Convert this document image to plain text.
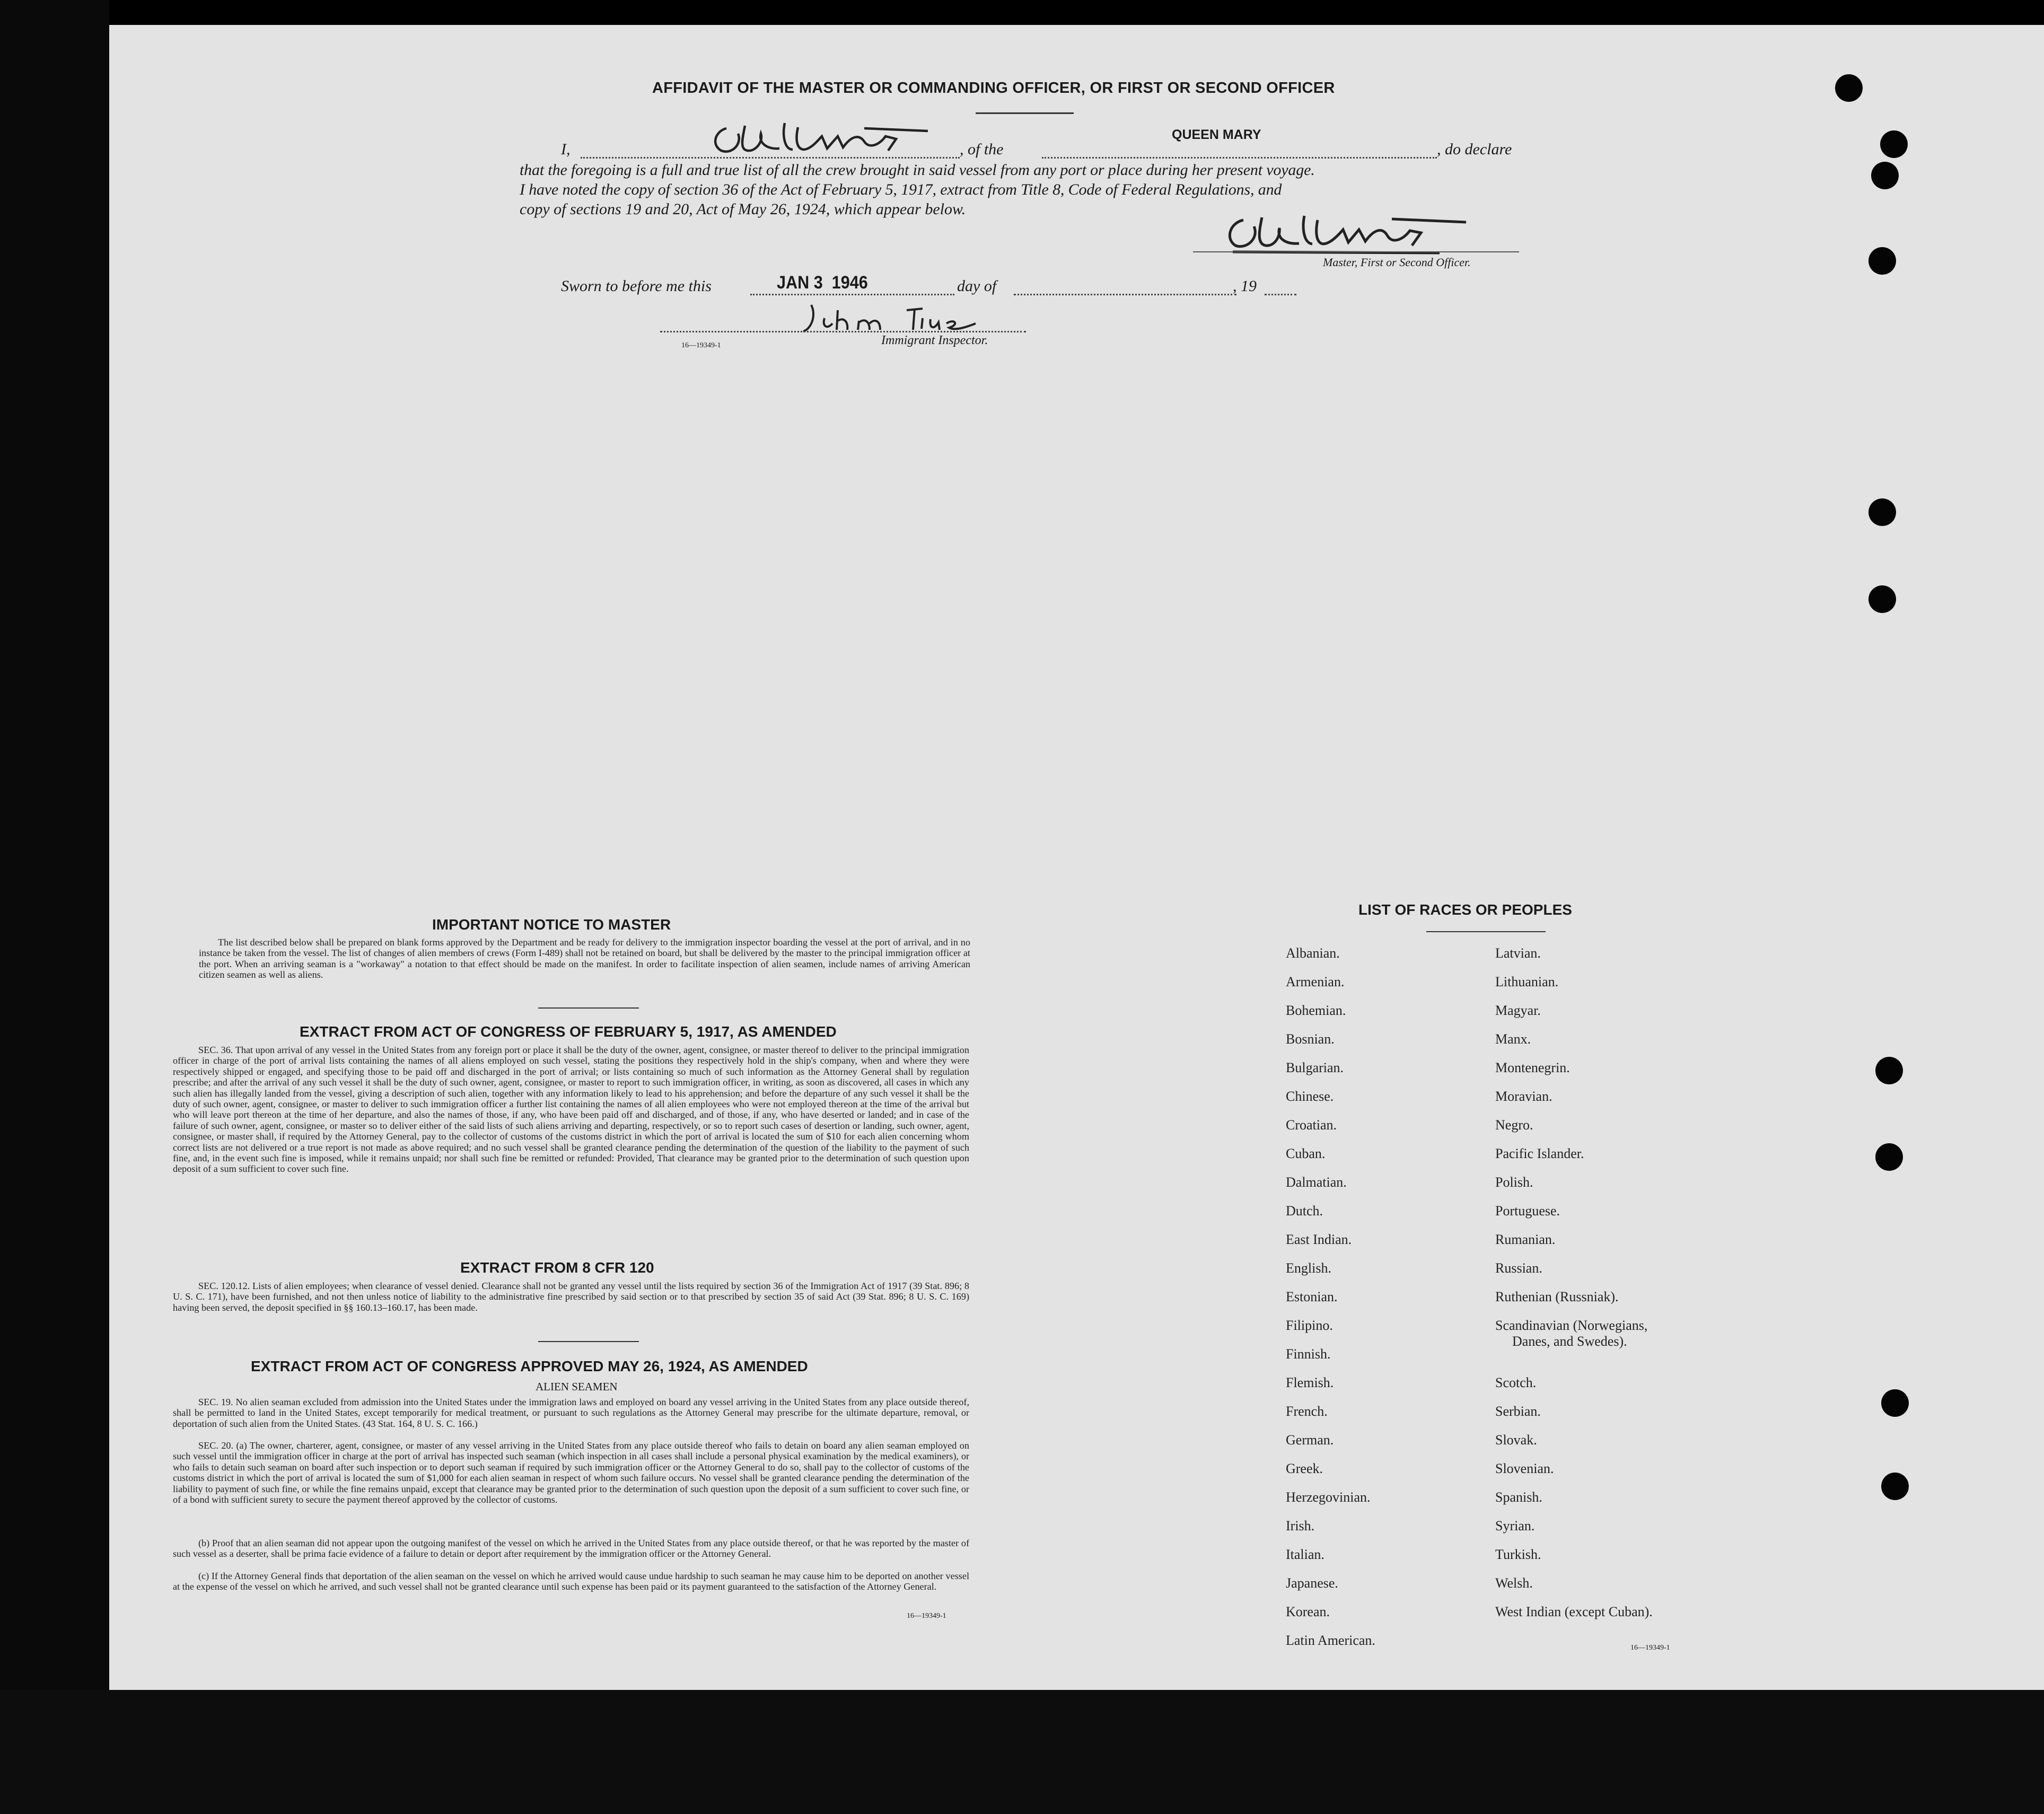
AFFIDAVIT OF THE MASTER OR COMMANDING OFFICER, OR FIRST OR SECOND OFFICER
I,	, of the
QUEEN MARY
, do declare
that the foregoing is a full and true list of all the crew brought in said vessel from any port or place during her present voyage.
I have noted the copy of section 36 of the Act of February 5, 1917, extract from Title 8, Code of Federal Regulations, and
copy of sections 19 and 20, Act of May 26, 1924, which appear below.
Master, First or Second Officer.
Sworn to before me this	JAN 3  1946	day of	, 19
16—19349-1	Immigrant Inspector.
IMPORTANT NOTICE TO MASTER
The list described below shall be prepared on blank forms approved by the Department and be ready for delivery to the immigration inspector boarding the vessel at the port of arrival, and in no instance be taken from the vessel. The list of changes of alien members of crews (Form I-489) shall not be retained on board, but shall be delivered by the master to the principal immigration officer at the port. When an arriving seaman is a "workaway" a notation to that effect should be made on the manifest. In order to facilitate inspection of alien seamen, include names of arriving American citizen seamen as well as aliens.
EXTRACT FROM ACT OF CONGRESS OF FEBRUARY 5, 1917, AS AMENDED
SEC. 36. That upon arrival of any vessel in the United States from any foreign port or place it shall be the duty of the owner, agent, consignee, or master thereof to deliver to the principal immigration officer in charge of the port of arrival lists containing the names of all aliens employed on such vessel, stating the positions they respectively hold in the ship's company, when and where they were respectively shipped or engaged, and specifying those to be paid off and discharged in the port of arrival; or lists containing so much of such information as the Attorney General shall by regulation prescribe; and after the arrival of any such vessel it shall be the duty of such owner, agent, consignee, or master to report to such immigration officer, in writing, as soon as discovered, all cases in which any such alien has illegally landed from the vessel, giving a description of such alien, together with any information likely to lead to his apprehension; and before the departure of any such vessel it shall be the duty of such owner, agent, consignee, or master to deliver to such immigration officer a further list containing the names of all alien employees who were not employed thereon at the time of the arrival but who will leave port thereon at the time of her departure, and also the names of those, if any, who have been paid off and discharged, and of those, if any, who have deserted or landed; and in case of the failure of such owner, agent, consignee, or master so to deliver either of the said lists of such aliens arriving and departing, respectively, or so to report such cases of desertion or landing, such owner, agent, consignee, or master shall, if required by the Attorney General, pay to the collector of customs of the customs district in which the port of arrival is located the sum of $10 for each alien concerning whom correct lists are not delivered or a true report is not made as above required; and no such vessel shall be granted clearance pending the determination of the question of the liability to the payment of such fine, and, in the event such fine is imposed, while it remains unpaid; nor shall such fine be remitted or refunded: Provided, That clearance may be granted prior to the determination of such question upon deposit of a sum sufficient to cover such fine.
EXTRACT FROM 8 CFR 120
SEC. 120.12. Lists of alien employees; when clearance of vessel denied. Clearance shall not be granted any vessel until the lists required by section 36 of the Immigration Act of 1917 (39 Stat. 896; 8 U. S. C. 171), have been furnished, and not then unless notice of liability to the administrative fine prescribed by said section or to that prescribed by section 35 of said Act (39 Stat. 896; 8 U. S. C. 169) having been served, the deposit specified in §§ 160.13–160.17, has been made.
EXTRACT FROM ACT OF CONGRESS APPROVED MAY 26, 1924, AS AMENDED
ALIEN SEAMEN
SEC. 19. No alien seaman excluded from admission into the United States under the immigration laws and employed on board any vessel arriving in the United States from any place outside thereof, shall be permitted to land in the United States, except temporarily for medical treatment, or pursuant to such regulations as the Attorney General may prescribe for the ultimate departure, removal, or deportation of such alien from the United States. (43 Stat. 164, 8 U. S. C. 166.)
SEC. 20. (a) The owner, charterer, agent, consignee, or master of any vessel arriving in the United States from any place outside thereof who fails to detain on board any alien seaman employed on such vessel until the immigration officer in charge at the port of arrival has inspected such seaman (which inspection in all cases shall include a personal physical examination by the medical examiners), or who fails to detain such seaman on board after such inspection or to deport such seaman if required by such immigration officer or the Attorney General to do so, shall pay to the collector of customs of the customs district in which the port of arrival is located the sum of $1,000 for each alien seaman in respect of whom such failure occurs. No vessel shall be granted clearance pending the determination of the liability to payment of such fine, or while the fine remains unpaid, except that clearance may be granted prior to the determination of such question upon the deposit of a sum sufficient to cover such fine, or of a bond with sufficient surety to secure the payment thereof approved by the collector of customs.
(b) Proof that an alien seaman did not appear upon the outgoing manifest of the vessel on which he arrived in the United States from any place outside thereof, or that he was reported by the master of such vessel as a deserter, shall be prima facie evidence of a failure to detain or deport after requirement by the immigration officer or the Attorney General.
(c) If the Attorney General finds that deportation of the alien seaman on the vessel on which he arrived would cause undue hardship to such seaman he may cause him to be deported on another vessel at the expense of the vessel on which he arrived, and such vessel shall not be granted clearance until such expense has been paid or its payment guaranteed to the satisfaction of the Attorney General.
16—19349-1
LIST OF RACES OR PEOPLES
Albanian.
Armenian.
Bohemian.
Bosnian.
Bulgarian.
Chinese.
Croatian.
Cuban.
Dalmatian.
Dutch.
East Indian.
English.
Estonian.
Filipino.
Finnish.
Flemish.
French.
German.
Greek.
Herzegovinian.
Irish.
Italian.
Japanese.
Korean.
Latin American.
Latvian.
Lithuanian.
Magyar.
Manx.
Montenegrin.
Moravian.
Negro.
Pacific Islander.
Polish.
Portuguese.
Rumanian.
Russian.
Ruthenian (Russniak).
Scandinavian (Norwegians,
Danes, and Swedes).
Scotch.
Serbian.
Slovak.
Slovenian.
Spanish.
Syrian.
Turkish.
Welsh.
West Indian (except Cuban).
16—19349-1
